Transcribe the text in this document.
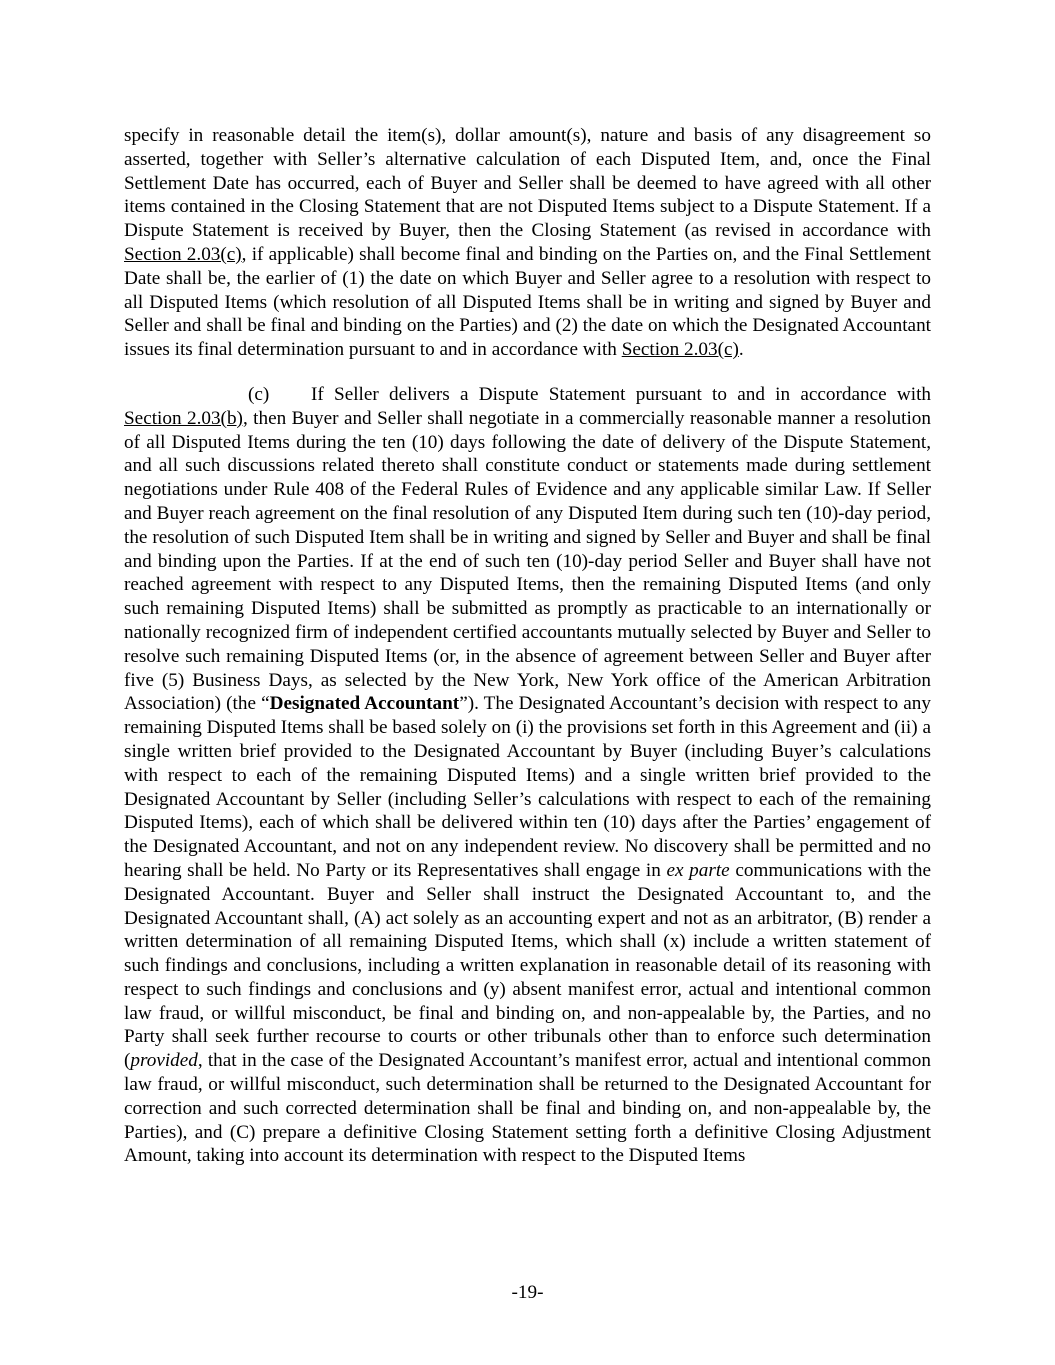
specify in reasonable detail the item(s), dollar amount(s), nature and basis of any disagreement so asserted, together with Seller’s alternative calculation of each Disputed Item, and, once the Final Settlement Date has occurred, each of Buyer and Seller shall be deemed to have agreed with all other items contained in the Closing Statement that are not Disputed Items subject to a Dispute Statement. If a Dispute Statement is received by Buyer, then the Closing Statement (as revised in accordance with Section 2.03(c), if applicable) shall become final and binding on the Parties on, and the Final Settlement Date shall be, the earlier of (1) the date on which Buyer and Seller agree to a resolution with respect to all Disputed Items (which resolution of all Disputed Items shall be in writing and signed by Buyer and Seller and shall be final and binding on the Parties) and (2) the date on which the Designated Accountant issues its final determination pursuant to and in accordance with Section 2.03(c).

(c) If Seller delivers a Dispute Statement pursuant to and in accordance with Section 2.03(b), then Buyer and Seller shall negotiate in a commercially reasonable manner a resolution of all Disputed Items during the ten (10) days following the date of delivery of the Dispute Statement, and all such discussions related thereto shall constitute conduct or statements made during settlement negotiations under Rule 408 of the Federal Rules of Evidence and any applicable similar Law. If Seller and Buyer reach agreement on the final resolution of any Disputed Item during such ten (10)-day period, the resolution of such Disputed Item shall be in writing and signed by Seller and Buyer and shall be final and binding upon the Parties. If at the end of such ten (10)-day period Seller and Buyer shall have not reached agreement with respect to any Disputed Items, then the remaining Disputed Items (and only such remaining Disputed Items) shall be submitted as promptly as practicable to an internationally or nationally recognized firm of independent certified accountants mutually selected by Buyer and Seller to resolve such remaining Disputed Items (or, in the absence of agreement between Seller and Buyer after five (5) Business Days, as selected by the New York, New York office of the American Arbitration Association) (the “Designated Accountant”). The Designated Accountant’s decision with respect to any remaining Disputed Items shall be based solely on (i) the provisions set forth in this Agreement and (ii) a single written brief provided to the Designated Accountant by Buyer (including Buyer’s calculations with respect to each of the remaining Disputed Items) and a single written brief provided to the Designated Accountant by Seller (including Seller’s calculations with respect to each of the remaining Disputed Items), each of which shall be delivered within ten (10) days after the Parties’ engagement of the Designated Accountant, and not on any independent review. No discovery shall be permitted and no hearing shall be held. No Party or its Representatives shall engage in ex parte communications with the Designated Accountant. Buyer and Seller shall instruct the Designated Accountant to, and the Designated Accountant shall, (A) act solely as an accounting expert and not as an arbitrator, (B) render a written determination of all remaining Disputed Items, which shall (x) include a written statement of such findings and conclusions, including a written explanation in reasonable detail of its reasoning with respect to such findings and conclusions and (y) absent manifest error, actual and intentional common law fraud, or willful misconduct, be final and binding on, and non-appealable by, the Parties, and no Party shall seek further recourse to courts or other tribunals other than to enforce such determination (provided, that in the case of the Designated Accountant’s manifest error, actual and intentional common law fraud, or willful misconduct, such determination shall be returned to the Designated Accountant for correction and such corrected determination shall be final and binding on, and non-appealable by, the Parties), and (C) prepare a definitive Closing Statement setting forth a definitive Closing Adjustment Amount, taking into account its determination with respect to the Disputed Items

-19-
